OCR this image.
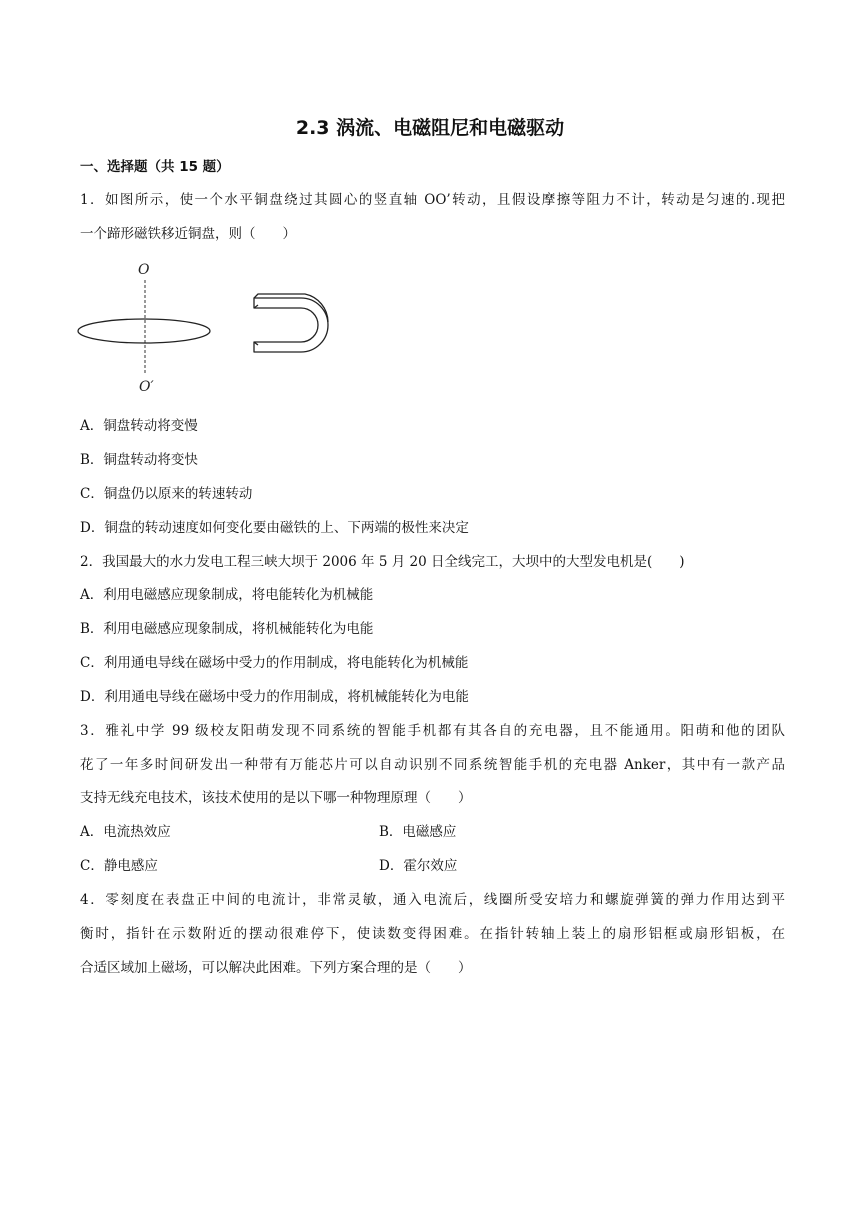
2.3 涡流、电磁阻尼和电磁驱动

一、选择题（共 15 题）

1．如图所示，使一个水平铜盘绕过其圆心的竖直轴 OO’转动，且假设摩擦等阻力不计，转动是匀速的.现把

一个蹄形磁铁移近铜盘，则（　　）

O
O′

A．铜盘转动将变慢

B．铜盘转动将变快

C．铜盘仍以原来的转速转动

D．铜盘的转动速度如何变化要由磁铁的上、下两端的极性来决定

2．我国最大的水力发电工程三峡大坝于 2006 年 5 月 20 日全线完工，大坝中的大型发电机是(　　)

A．利用电磁感应现象制成，将电能转化为机械能

B．利用电磁感应现象制成，将机械能转化为电能

C．利用通电导线在磁场中受力的作用制成，将电能转化为机械能

D．利用通电导线在磁场中受力的作用制成，将机械能转化为电能

3．雅礼中学 99 级校友阳萌发现不同系统的智能手机都有其各自的充电器，且不能通用。阳萌和他的团队

花了一年多时间研发出一种带有万能芯片可以自动识别不同系统智能手机的充电器 Anker，其中有一款产品

支持无线充电技术，该技术使用的是以下哪一种物理原理（　　）

A．电流热效应	B．电磁感应

C．静电感应	D．霍尔效应

4．零刻度在表盘正中间的电流计，非常灵敏，通入电流后，线圈所受安培力和螺旋弹簧的弹力作用达到平

衡时，指针在示数附近的摆动很难停下，使读数变得困难。在指针转轴上装上的扇形铝框或扇形铝板，在

合适区域加上磁场，可以解决此困难。下列方案合理的是（　　）
